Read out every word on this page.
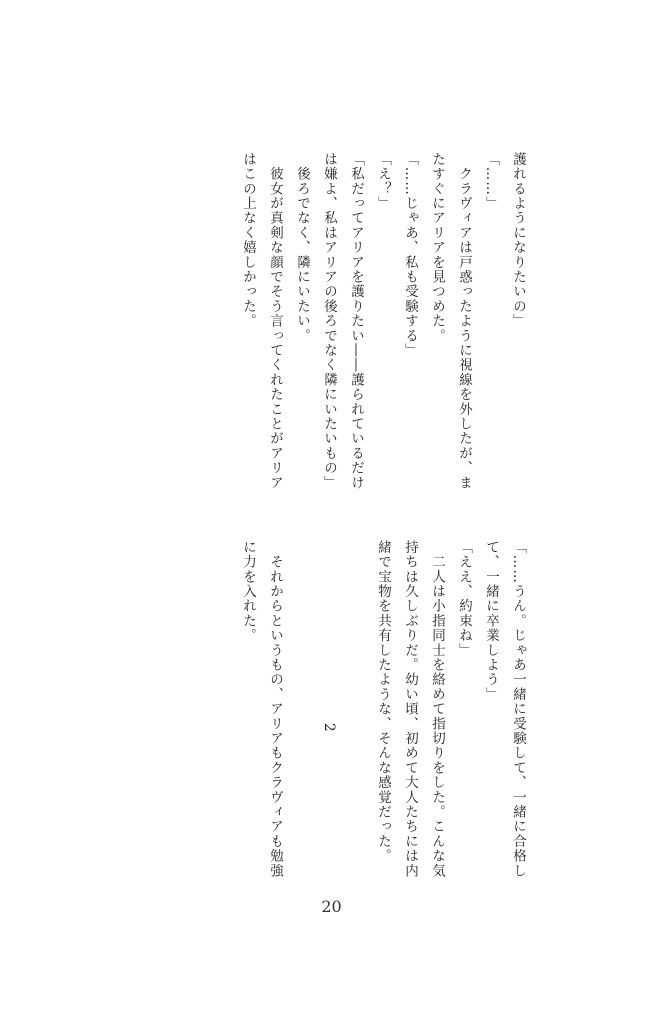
護れるようになりたいの」
「……」
　クラヴィアは戸惑ったように視線を外したが、ま
たすぐにアリアを見つめた。
「……じゃあ、私も受験する」
「え？」
「私だってアリアを護りたい――護られているだけ
は嫌よ、私はアリアの後ろでなく隣にいたいもの」
　後ろでなく、隣にいたい。
　彼女が真剣な顔でそう言ってくれたことがアリア
はこの上なく嬉しかった。
「……うん。じゃあ一緒に受験して、一緒に合格し
て、一緒に卒業しよう」
「ええ、約束ね」
　二人は小指同士を絡めて指切りをした。こんな気
持ちは久しぶりだ。幼い頃、初めて大人たちには内
緒で宝物を共有したような、そんな感覚だった。

2

　それからというもの、アリアもクラヴィアも勉強
に力を入れた。
20
